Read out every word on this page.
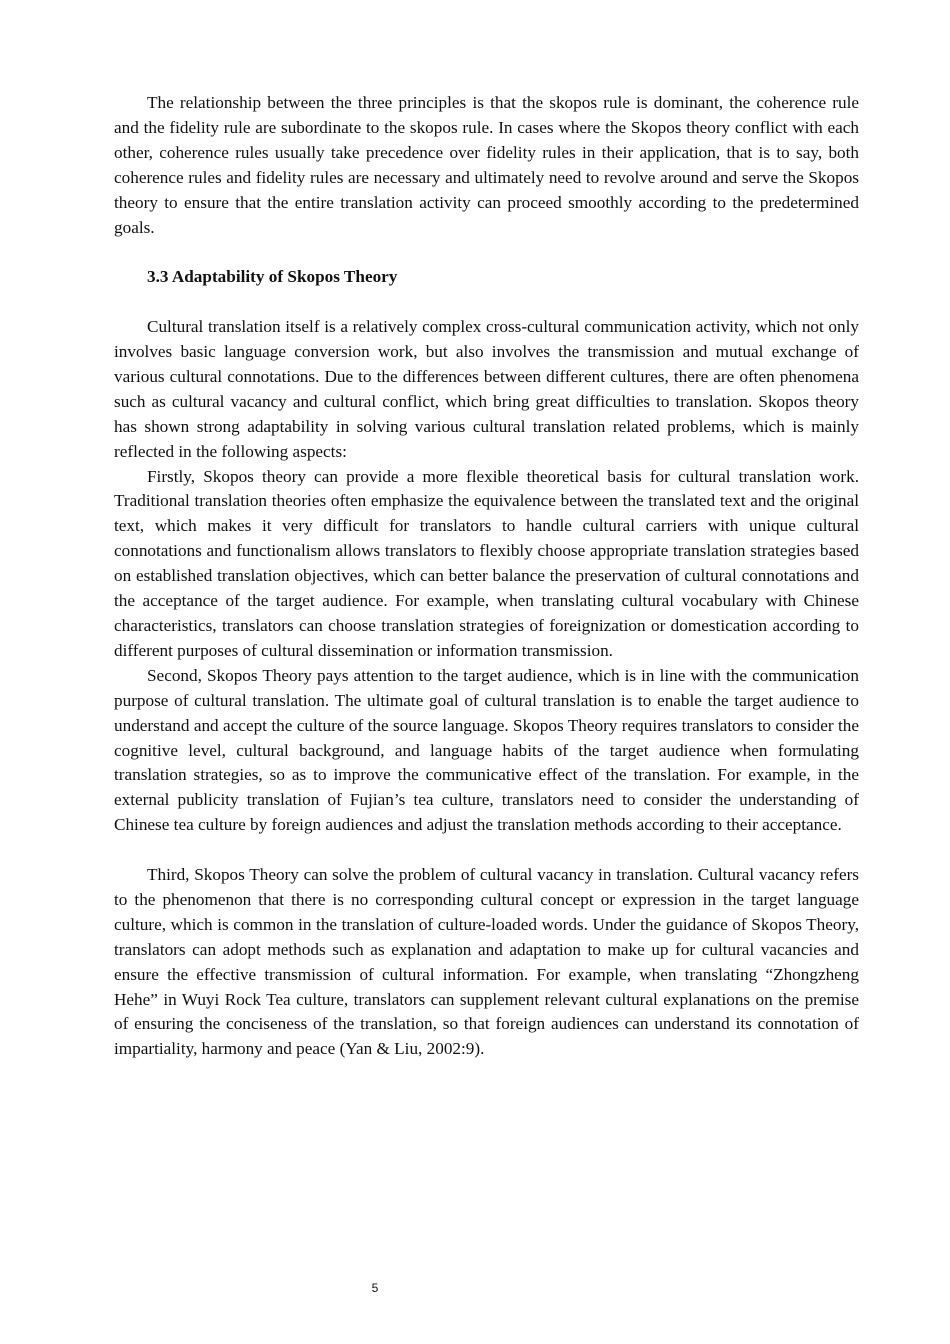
The relationship between the three principles is that the skopos rule is dominant, the coherence rule and the fidelity rule are subordinate to the skopos rule. In cases where the Skopos theory conflict with each other, coherence rules usually take precedence over fidelity rules in their application, that is to say, both coherence rules and fidelity rules are necessary and ultimately need to revolve around and serve the Skopos theory to ensure that the entire translation activity can proceed smoothly according to the predetermined goals.

3.3 Adaptability of Skopos Theory

Cultural translation itself is a relatively complex cross-cultural communication activity, which not only involves basic language conversion work, but also involves the transmission and mutual exchange of various cultural connotations. Due to the differences between different cultures, there are often phenomena such as cultural vacancy and cultural conflict, which bring great difficulties to translation. Skopos theory has shown strong adaptability in solving various cultural translation related problems, which is mainly reflected in the following aspects:

Firstly, Skopos theory can provide a more flexible theoretical basis for cultural translation work. Traditional translation theories often emphasize the equivalence between the translated text and the original text, which makes it very difficult for translators to handle cultural carriers with unique cultural connotations and functionalism allows translators to flexibly choose appropriate translation strategies based on established translation objectives, which can better balance the preservation of cultural connotations and the acceptance of the target audience. For example, when translating cultural vocabulary with Chinese characteristics, translators can choose translation strategies of foreignization or domestication according to different purposes of cultural dissemination or information transmission.

Second, Skopos Theory pays attention to the target audience, which is in line with the communication purpose of cultural translation. The ultimate goal of cultural translation is to enable the target audience to understand and accept the culture of the source language. Skopos Theory requires translators to consider the cognitive level, cultural background, and language habits of the target audience when formulating translation strategies, so as to improve the communicative effect of the translation. For example, in the external publicity translation of Fujian’s tea culture, translators need to consider the understanding of Chinese tea culture by foreign audiences and adjust the translation methods according to their acceptance.

Third, Skopos Theory can solve the problem of cultural vacancy in translation. Cultural vacancy refers to the phenomenon that there is no corresponding cultural concept or expression in the target language culture, which is common in the translation of culture-loaded words. Under the guidance of Skopos Theory, translators can adopt methods such as explanation and adaptation to make up for cultural vacancies and ensure the effective transmission of cultural information. For example, when translating “Zhongzheng Hehe” in Wuyi Rock Tea culture, translators can supplement relevant cultural explanations on the premise of ensuring the conciseness of the translation, so that foreign audiences can understand its connotation of impartiality, harmony and peace (Yan & Liu, 2002:9).

5
